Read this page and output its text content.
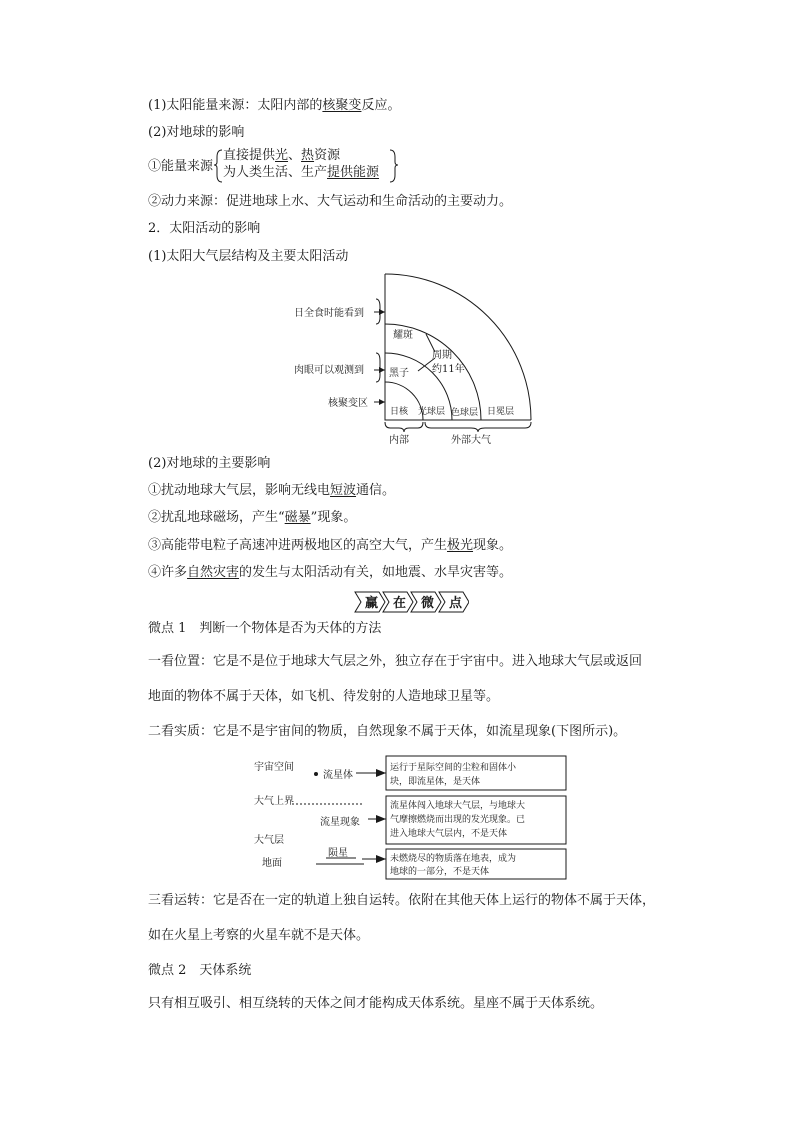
(1)太阳能量来源：太阳内部的核聚变反应。
(2)对地球的影响
①能量来源
直接提供光、热资源
为人类生活、生产提供能源
②动力来源：促进地球上水、大气运动和生命活动的主要动力。
2．太阳活动的影响
(1)太阳大气层结构及主要太阳活动
日全食时能看到
肉眼可以观测到
核聚变区
耀斑
周期
约11年
黑子
日核 光球层 色球层 日冕层
内部	外部大气
(2)对地球的主要影响
①扰动地球大气层，影响无线电短波通信。
②扰乱地球磁场，产生“磁暴”现象。
③高能带电粒子高速冲进两极地区的高空大气，产生极光现象。
④许多自然灾害的发生与太阳活动有关，如地震、水旱灾害等。
赢 在 微 点
微点 1　判断一个物体是否为天体的方法
一看位置：它是不是位于地球大气层之外，独立存在于宇宙中。进入地球大气层或返回
地面的物体不属于天体，如飞机、待发射的人造地球卫星等。
二看实质：它是不是宇宙间的物质，自然现象不属于天体，如流星现象(下图所示)。
宇宙空间
流星体
运行于星际空间的尘粒和固体小
块，即流星体，是天体
大气上界	流星体闯入地球大气层，与地球大
气摩擦燃烧而出现的发光现象。已
进入地球大气层内，不是天体
流星现象
大气层
陨星
地面	未燃烧尽的物质落在地表，成为
地球的一部分，不是天体
三看运转：它是否在一定的轨道上独自运转。依附在其他天体上运行的物体不属于天体，
如在火星上考察的火星车就不是天体。
微点 2　天体系统
只有相互吸引、相互绕转的天体之间才能构成天体系统。星座不属于天体系统。
